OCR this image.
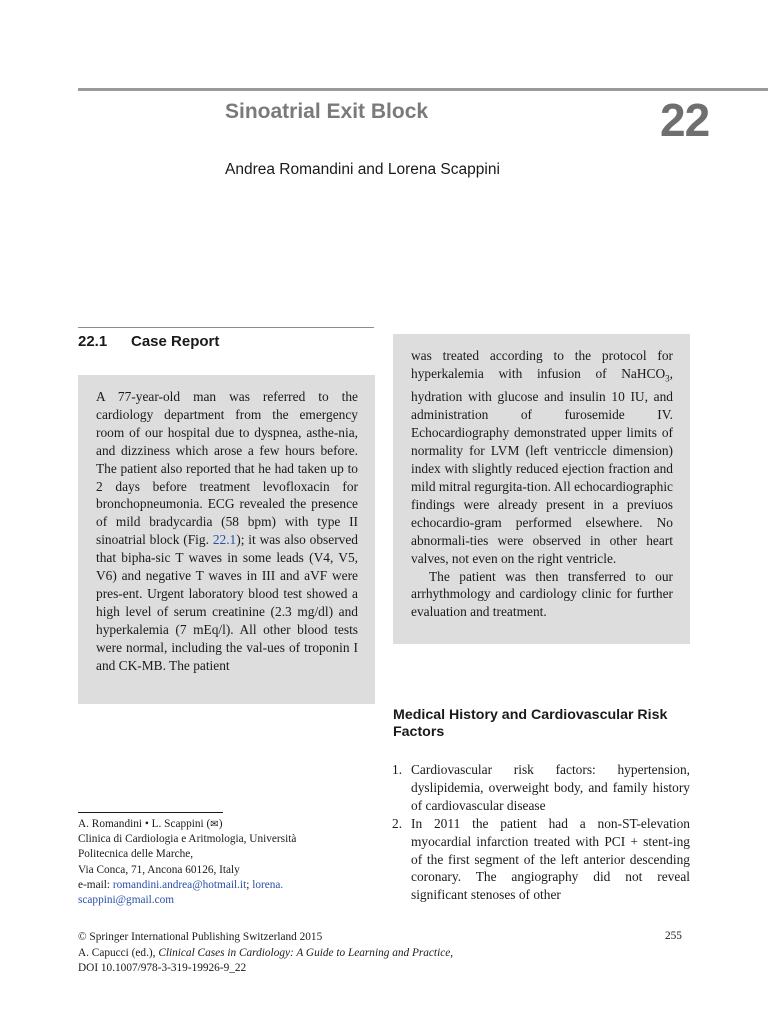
Sinoatrial Exit Block	22
Andrea Romandini and Lorena Scappini
22.1 Case Report

A 77-year-old man was referred to the cardiology department from the emergency room of our hospital due to dyspnea, asthe-nia, and dizziness which arose a few hours before. The patient also reported that he had taken up to 2 days before treatment levofloxacin for bronchopneumonia. ECG revealed the presence of mild bradycardia (58 bpm) with type II sinoatrial block (Fig. 22.1); it was also observed that bipha-sic T waves in some leads (V4, V5, V6) and negative T waves in III and aVF were pres-ent. Urgent laboratory blood test showed a high level of serum creatinine (2.3 mg/dl) and hyperkalemia (7 mEq/l). All other blood tests were normal, including the val-ues of troponin I and CK-MB. The patient

was treated according to the protocol for hyperkalemia with infusion of NaHCO$_3$, hydration with glucose and insulin 10 IU, and administration of furosemide IV. Echocardiography demonstrated upper limits of normality for LVM (left ventriccle dimension) index with slightly reduced ejection fraction and mild mitral regurgita-tion. All echocardiographic findings were already present in a previuos echocardio-gram performed elsewhere. No abnormali-ties were observed in other heart valves, not even on the right ventricle.

The patient was then transferred to our arrhythmology and cardiology clinic for further evaluation and treatment.

Medical History and Cardiovascular Risk Factors
1. Cardiovascular risk factors: hypertension, dyslipidemia, overweight body, and family history of cardiovascular disease
2. In 2011 the patient had a non-ST-elevation myocardial infarction treated with PCI + stent-ing of the first segment of the left anterior descending coronary. The angiography did not reveal significant stenoses of other
A. Romandini • L. Scappini (✉)
Clinica di Cardiologia e Aritmologia, Università
Politecnica delle Marche,
Via Conca, 71, Ancona 60126, Italy
e-mail: romandini.andrea@hotmail.it; lorena.
scappini@gmail.com
© Springer International Publishing Switzerland 2015
A. Capucci (ed.), Clinical Cases in Cardiology: A Guide to Learning and Practice,
DOI 10.1007/978-3-319-19926-9_22
255
